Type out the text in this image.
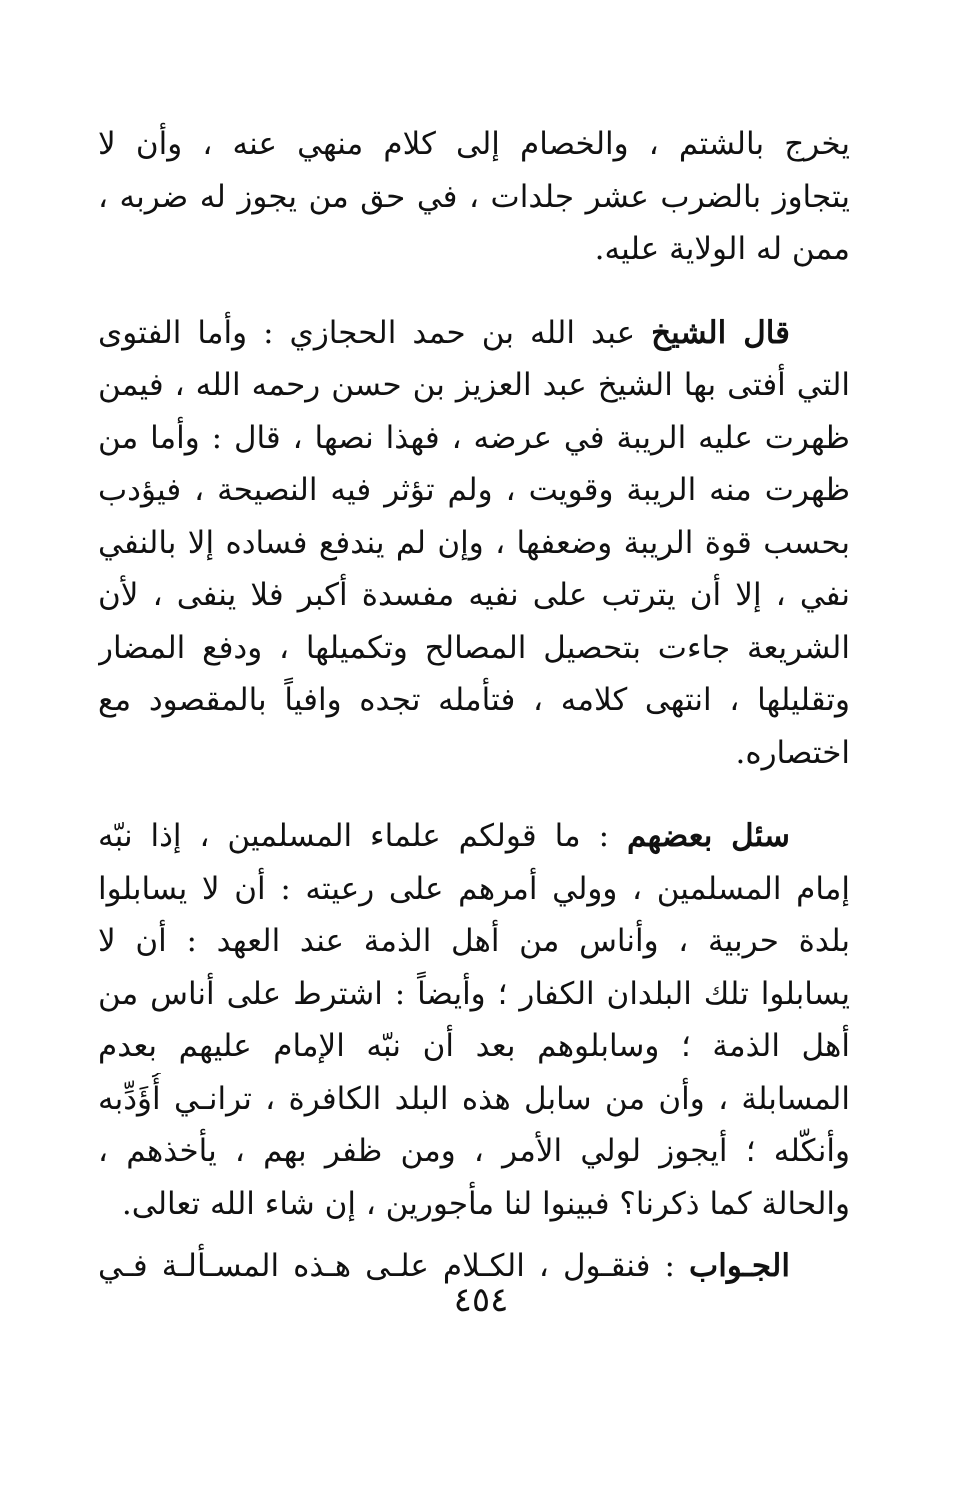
يخرج بالشتم ، والخصام إلى كلام منهي عنه ، وأن لا
يتجاوز بالضرب عشر جلدات ، في حق من يجوز له ضربه ،
ممن له الولاية عليه.
قال الشيخ عبد الله بن حمد الحجازي : وأما الفتوى
التي أفتى بها الشيخ عبد العزيز بن حسن رحمه الله ، فيمن
ظهرت عليه الريبة في عرضه ، فهذا نصها ، قال : وأما من
ظهرت منه الريبة وقويت ، ولم تؤثر فيه النصيحة ، فيؤدب
بحسب قوة الريبة وضعفها ، وإن لم يندفع فساده إلا بالنفي
نفي ، إلا أن يترتب على نفيه مفسدة أكبر فلا ينفى ، لأن
الشريعة جاءت بتحصيل المصالح وتكميلها ، ودفع المضار
وتقليلها ، انتهى كلامه ، فتأمله تجده وافياً بالمقصود مع
اختصاره.
سئل بعضهم : ما قولكم علماء المسلمين ، إذا نبّه
إمام المسلمين ، وولي أمرهم على رعيته : أن لا يسابلوا
بلدة حربية ، وأناس من أهل الذمة عند العهد : أن لا
يسابلوا تلك البلدان الكفار ؛ وأيضاً : اشترط على أناس من
أهل الذمة ؛ وسابلوهم بعد أن نبّه الإمام عليهم بعدم
المسابلة ، وأن من سابل هذه البلد الكافرة ، ترانـي أُؤَدِّبه
وأنكّله ؛ أيجوز لولي الأمر ، ومن ظفر بهم ، يأخذهم ،
والحالة كما ذكرنا؟ فبينوا لنا مأجورين ، إن شاء الله تعالى.
الجـواب : فنقـول ، الكـلام علـى هـذه المسـألـة فـي
٤٥٤
